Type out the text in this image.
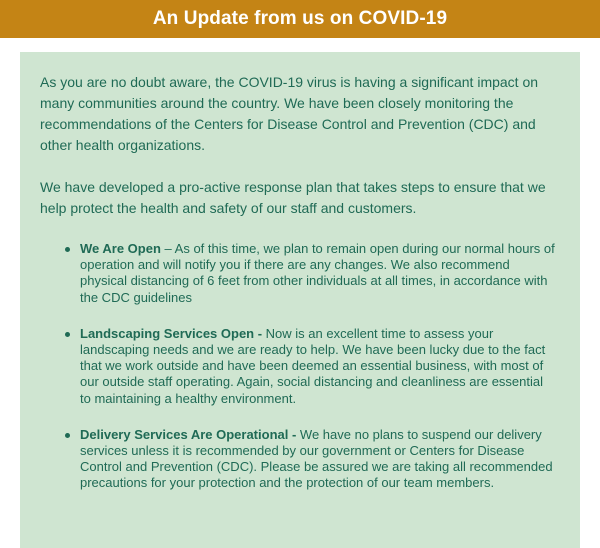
An Update from us on COVID-19

As you are no doubt aware, the COVID-19 virus is having a significant impact on many communities around the country. We have been closely monitoring the recommendations of the Centers for Disease Control and Prevention (CDC) and other health organizations.

We have developed a pro-active response plan that takes steps to ensure that we help protect the health and safety of our staff and customers.

We Are Open – As of this time, we plan to remain open during our normal hours of operation and will notify you if there are any changes. We also recommend physical distancing of 6 feet from other individuals at all times, in accordance with the CDC guidelines
Landscaping Services Open - Now is an excellent time to assess your landscaping needs and we are ready to help. We have been lucky due to the fact that we work outside and have been deemed an essential business, with most of our outside staff operating. Again, social distancing and cleanliness are essential to maintaining a healthy environment.
Delivery Services Are Operational - We have no plans to suspend our delivery services unless it is recommended by our government or Centers for Disease Control and Prevention (CDC). Please be assured we are taking all recommended precautions for your protection and the protection of our team members.
